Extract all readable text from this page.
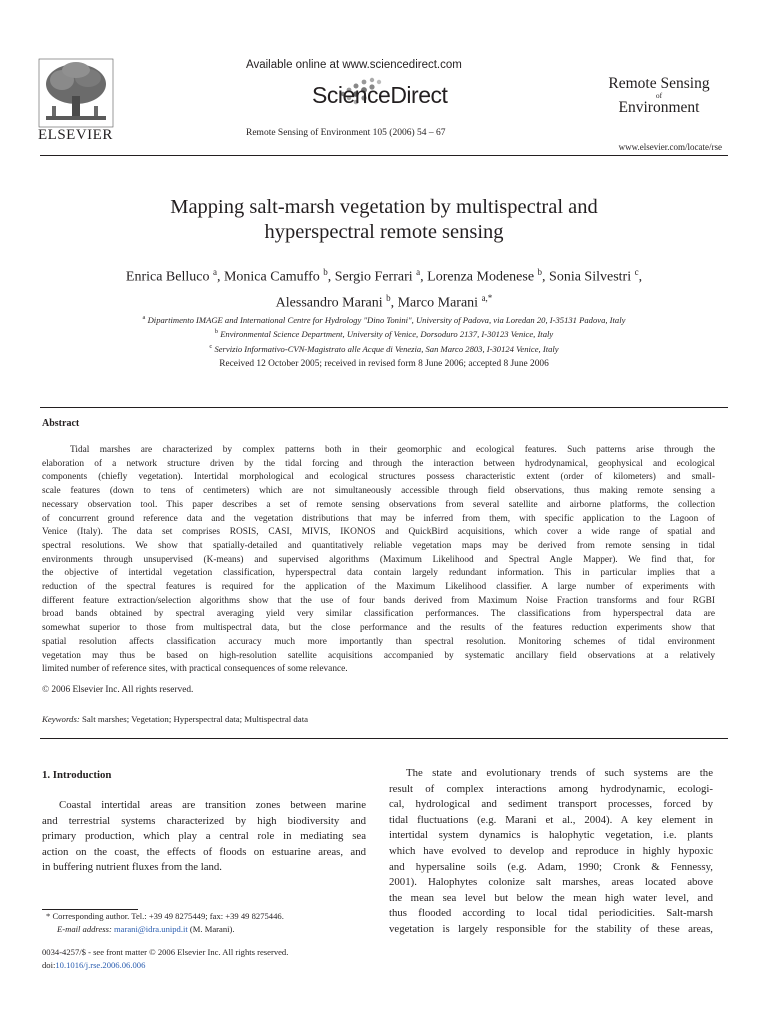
ELSEVIER
Available online at www.sciencedirect.com
ScienceDirect
Remote Sensing of Environment 105 (2006) 54 – 67
Remote Sensing
of
Environment
www.elsevier.com/locate/rse
Mapping salt-marsh vegetation by multispectral and
hyperspectral remote sensing
Enrica Belluco $^a$, Monica Camuffo $^b$, Sergio Ferrari $^a$, Lorenza Modenese $^b$, Sonia Silvestri $^c$,
Alessandro Marani $^b$, Marco Marani $^{a,*}$
$^a$ Dipartimento IMAGE and International Centre for Hydrology "Dino Tonini", University of Padova, via Loredan 20, I-35131 Padova, Italy
$^b$ Environmental Science Department, University of Venice, Dorsoduro 2137, I-30123 Venice, Italy
$^c$ Servizio Informativo-CVN-Magistrato alle Acque di Venezia, San Marco 2803, I-30124 Venice, Italy
Received 12 October 2005; received in revised form 8 June 2006; accepted 8 June 2006
Abstract
Tidal marshes are characterized by complex patterns both in their geomorphic and ecological features. Such patterns arise through the
elaboration of a network structure driven by the tidal forcing and through the interaction between hydrodynamical, geophysical and ecological
components (chiefly vegetation). Intertidal morphological and ecological structures possess characteristic extent (order of kilometers) and small-
scale features (down to tens of centimeters) which are not simultaneously accessible through field observations, thus making remote sensing a
necessary observation tool. This paper describes a set of remote sensing observations from several satellite and airborne platforms, the collection
of concurrent ground reference data and the vegetation distributions that may be inferred from them, with specific application to the Lagoon of
Venice (Italy). The data set comprises ROSIS, CASI, MIVIS, IKONOS and QuickBird acquisitions, which cover a wide range of spatial and
spectral resolutions. We show that spatially-detailed and quantitatively reliable vegetation maps may be derived from remote sensing in tidal
environments through unsupervised (K-means) and supervised algorithms (Maximum Likelihood and Spectral Angle Mapper). We find that, for
the objective of intertidal vegetation classification, hyperspectral data contain largely redundant information. This in particular implies that a
reduction of the spectral features is required for the application of the Maximum Likelihood classifier. A large number of experiments with
different feature extraction/selection algorithms show that the use of four bands derived from Maximum Noise Fraction transforms and four RGBI
broad bands obtained by spectral averaging yield very similar classification performances. The classifications from hyperspectral data are
somewhat superior to those from multispectral data, but the close performance and the results of the features reduction experiments show that
spatial resolution affects classification accuracy much more importantly than spectral resolution. Monitoring schemes of tidal environment
vegetation may thus be based on high-resolution satellite acquisitions accompanied by systematic ancillary field observations at a relatively
limited number of reference sites, with practical consequences of some relevance.
© 2006 Elsevier Inc. All rights reserved.
Keywords: Salt marshes; Vegetation; Hyperspectral data; Multispectral data
1. Introduction
Coastal intertidal areas are transition zones between marine
and terrestrial systems characterized by high biodiversity and
primary production, which play a central role in mediating sea
action on the coast, the effects of floods on estuarine areas, and
in buffering nutrient fluxes from the land.
The state and evolutionary trends of such systems are the
result of complex interactions among hydrodynamic, ecologi-
cal, hydrological and sediment transport processes, forced by
tidal fluctuations (e.g. Marani et al., 2004). A key element in
intertidal system dynamics is halophytic vegetation, i.e. plants
which have evolved to develop and reproduce in highly hypoxic
and hypersaline soils (e.g. Adam, 1990; Cronk & Fennessy,
2001). Halophytes colonize salt marshes, areas located above
the mean sea level but below the mean high water level, and
thus flooded according to local tidal periodicities. Salt-marsh
vegetation is largely responsible for the stability of these areas,
* Corresponding author. Tel.: +39 49 8275449; fax: +39 49 8275446.
E-mail address: marani@idra.unipd.it (M. Marani).
0034-4257/$ - see front matter © 2006 Elsevier Inc. All rights reserved.
doi:10.1016/j.rse.2006.06.006
